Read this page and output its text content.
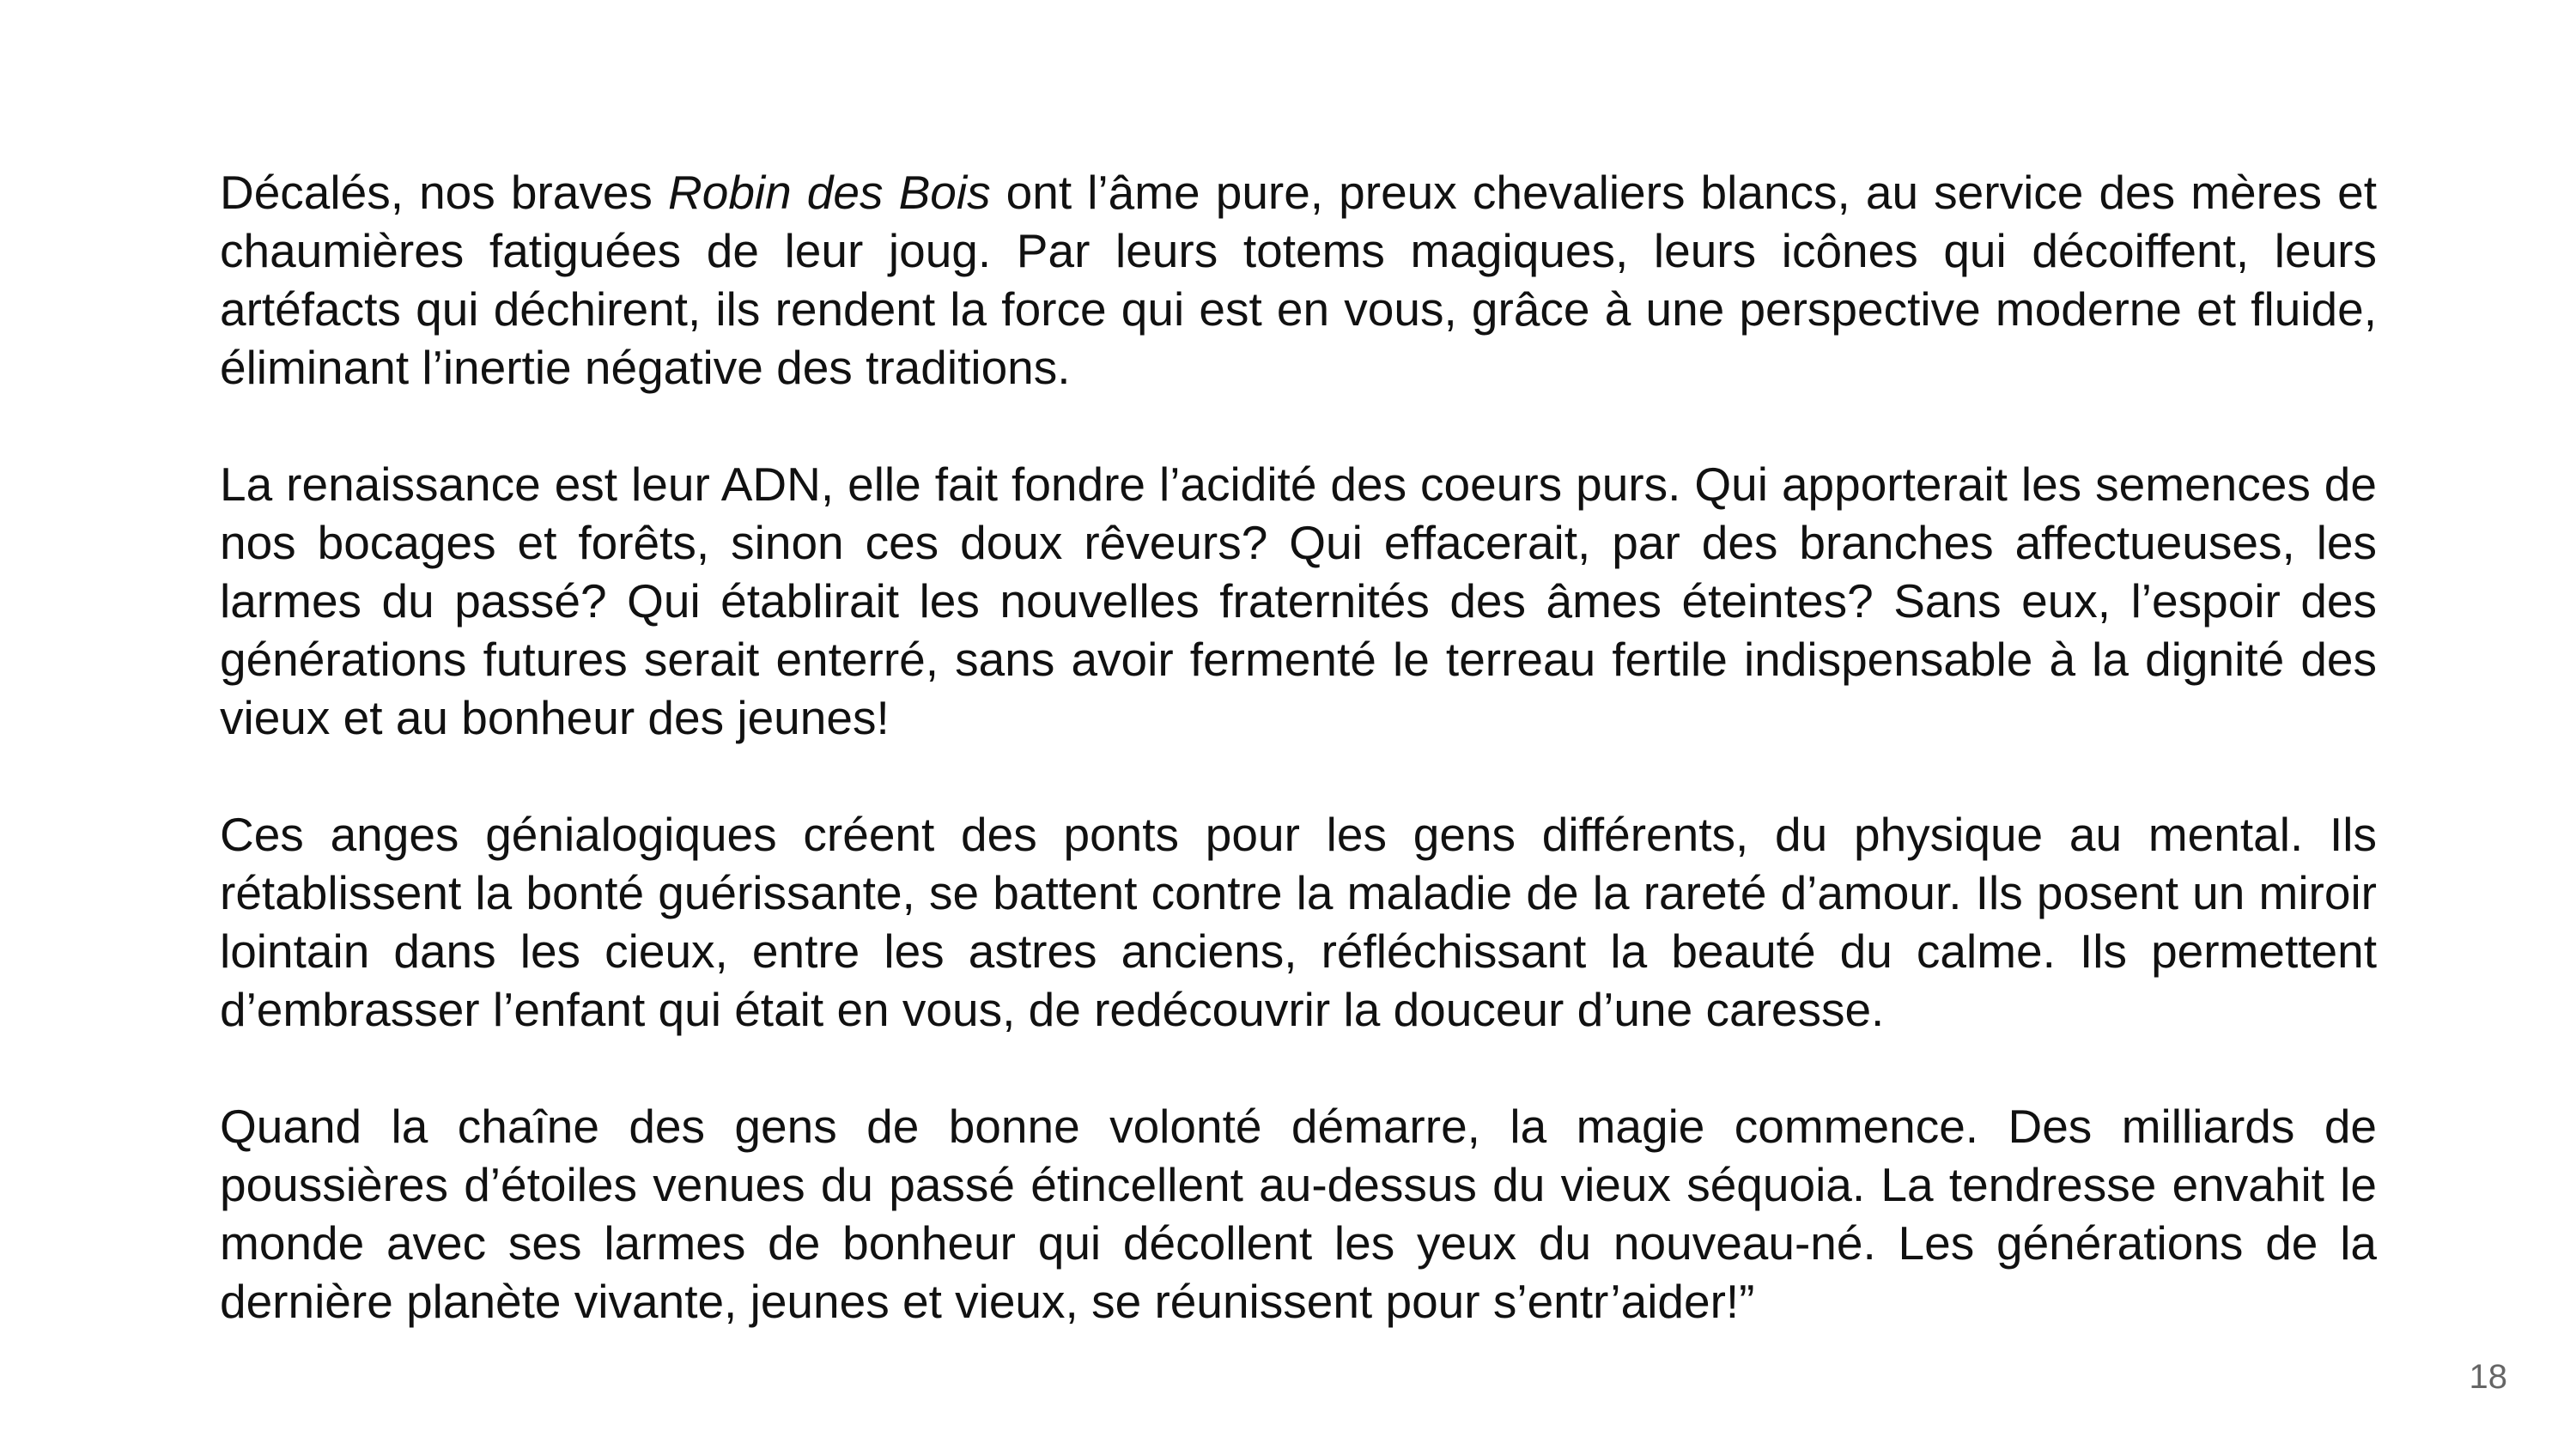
Décalés, nos braves Robin des Bois ont l’âme pure, preux chevaliers blancs, au service des mères et chaumières fatiguées de leur joug. Par leurs totems magiques, leurs icônes qui décoiffent, leurs artéfacts qui déchirent, ils rendent la force qui est en vous, grâce à une perspective moderne et fluide, éliminant l’inertie négative des traditions.

La renaissance est leur ADN, elle fait fondre l’acidité des coeurs purs. Qui apporterait les semences de nos bocages et forêts, sinon ces doux rêveurs? Qui effacerait, par des branches affectueuses, les larmes du passé? Qui établirait les nouvelles fraternités des âmes éteintes? Sans eux, l’espoir des générations futures serait enterré, sans avoir fermenté le terreau fertile indispensable à la dignité des vieux et au bonheur des jeunes!

Ces anges génialogiques créent des ponts pour les gens différents, du physique au mental. Ils rétablissent la bonté guérissante, se battent contre la maladie de la rareté d’amour. Ils posent un miroir lointain dans les cieux, entre les astres anciens, réfléchissant la beauté du calme. Ils permettent d’embrasser l’enfant qui était en vous, de redécouvrir la douceur d’une caresse.

Quand la chaîne des gens de bonne volonté démarre, la magie commence. Des milliards de poussières d’étoiles venues du passé étincellent au-dessus du vieux séquoia. La tendresse envahit le monde avec ses larmes de bonheur qui décollent les yeux du nouveau-né. Les générations de la dernière planète vivante, jeunes et vieux, se réunissent pour s’entr’aider!”

18
